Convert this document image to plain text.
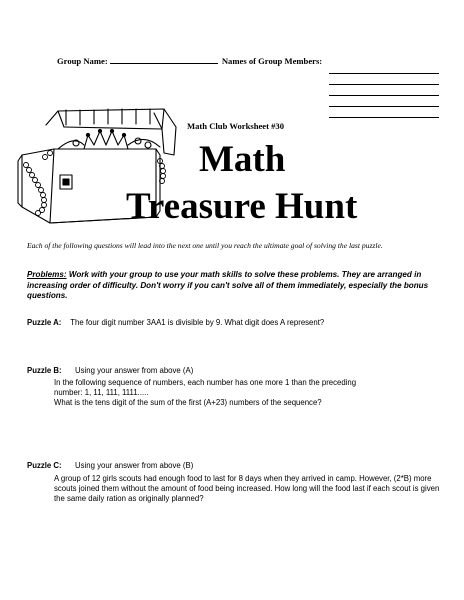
Group Name:	Names of Group Members:
Math Club Worksheet #30
Math
Treasure Hunt
Each of the following questions will lead into the next one until you reach the ultimate goal of solving the last puzzle.
Problems: Work with your group to use your math skills to solve these problems. They are arranged in increasing order of difficulty. Don't worry if you can't solve all of them immediately, especially the bonus questions.
Puzzle A: The four digit number 3AA1 is divisible by 9. What digit does A represent?
Puzzle B: Using your answer from above (A)
In the following sequence of numbers, each number has one more 1 than the preceding number: 1, 11, 111, 1111.....
What is the tens digit of the sum of the first (A+23) numbers of the sequence?
Puzzle C: Using your answer from above (B)
A group of 12 girls scouts had enough food to last for 8 days when they arrived in camp. However, (2*B) more scouts joined them without the amount of food being increased. How long will the food last if each scout is given the same daily ration as originally planned?
